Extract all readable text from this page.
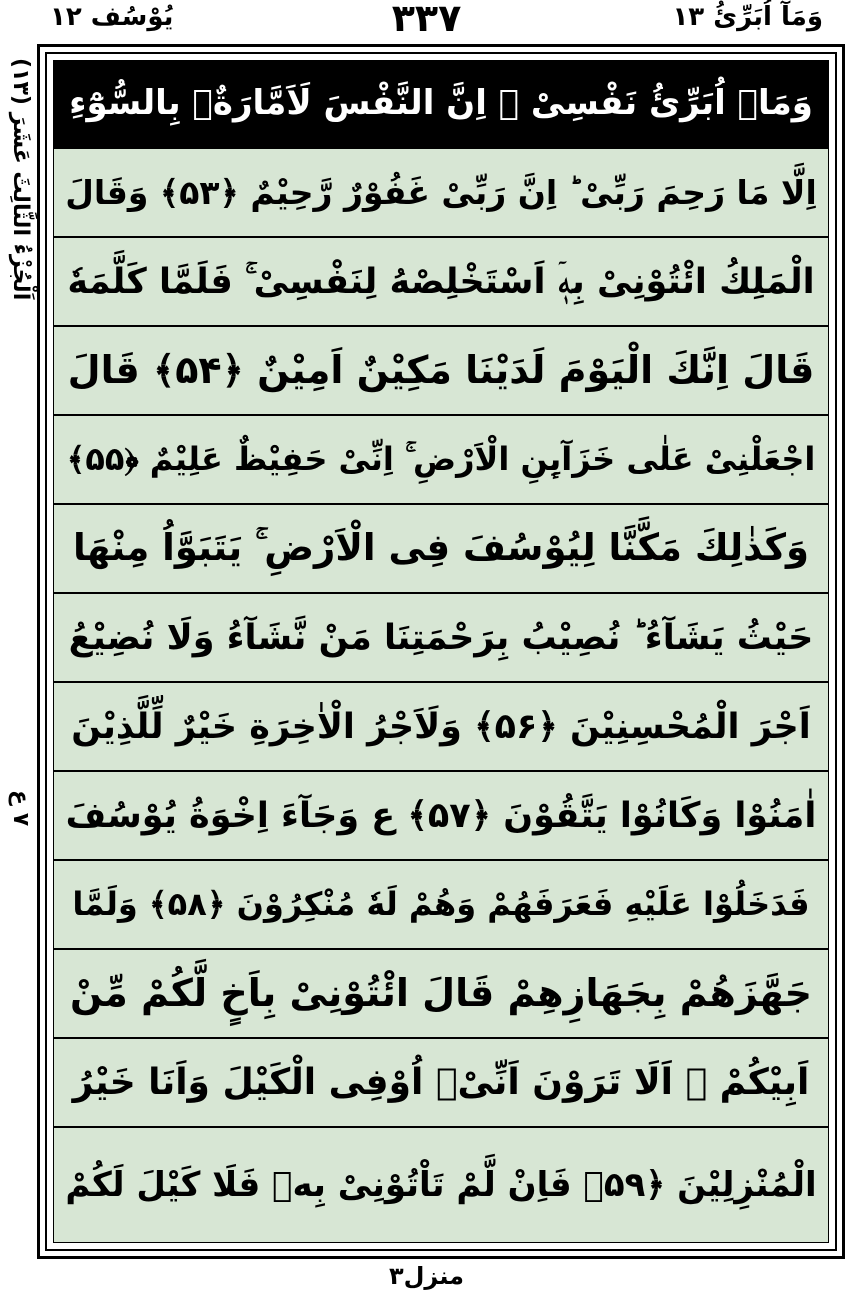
یُوْسُف ۱۲	۳۳۷	وَمَآ اُبَرِّئُ ۱۳
اَلْجُزْءُ الثَّالِثَ عَشَرَ (۱۳)
۷ ع
وَمَاۤ اُبَرِّئُ نَفْسِیْ ۚ اِنَّ النَّفْسَ لَاَمَّارَةٌۢ بِالسُّوْٓءِ
اِلَّا مَا رَحِمَ رَبِّیْ ؕ اِنَّ رَبِّیْ غَفُوْرٌ رَّحِیْمٌ ﴿۵۳﴾ وَقَالَ
الْمَلِكُ ائْتُوْنِیْ بِهٖۤ اَسْتَخْلِصْهُ لِنَفْسِیْ ۚ فَلَمَّا كَلَّمَهٗ
قَالَ اِنَّكَ الْیَوْمَ لَدَیْنَا مَكِیْنٌ اَمِیْنٌ ﴿۵۴﴾ قَالَ
اجْعَلْنِیْ عَلٰی خَزَآىِٕنِ الْاَرْضِ ۚ اِنِّیْ حَفِیْظٌ عَلِیْمٌ ﴿۵۵﴾
وَكَذٰلِكَ مَكَّنَّا لِیُوْسُفَ فِی الْاَرْضِ ۚ یَتَبَوَّاُ مِنْهَا
حَیْثُ یَشَآءُ ؕ نُصِیْبُ بِرَحْمَتِنَا مَنْ نَّشَآءُ وَلَا نُضِیْعُ
اَجْرَ الْمُحْسِنِیْنَ ﴿۵۶﴾ وَلَاَجْرُ الْاٰخِرَةِ خَیْرٌ لِّلَّذِیْنَ
اٰمَنُوْا وَكَانُوْا یَتَّقُوْنَ ﴿۵۷﴾ ع وَجَآءَ اِخْوَةُ یُوْسُفَ
فَدَخَلُوْا عَلَیْهِ فَعَرَفَهُمْ وَهُمْ لَهٗ مُنْكِرُوْنَ ﴿۵۸﴾ وَلَمَّا
جَهَّزَهُمْ بِجَهَازِهِمْ قَالَ ائْتُوْنِیْ بِاَخٍ لَّكُمْ مِّنْ
اَبِیْكُمْ ۚ اَلَا تَرَوْنَ اَنِّیْۤ اُوْفِی الْكَیْلَ وَاَنَا خَیْرُ
الْمُنْزِلِیْنَ ﴿۵۹﴾ فَاِنْ لَّمْ تَاْتُوْنِیْ بِهٖ فَلَا كَیْلَ لَكُمْ
منزل۳
